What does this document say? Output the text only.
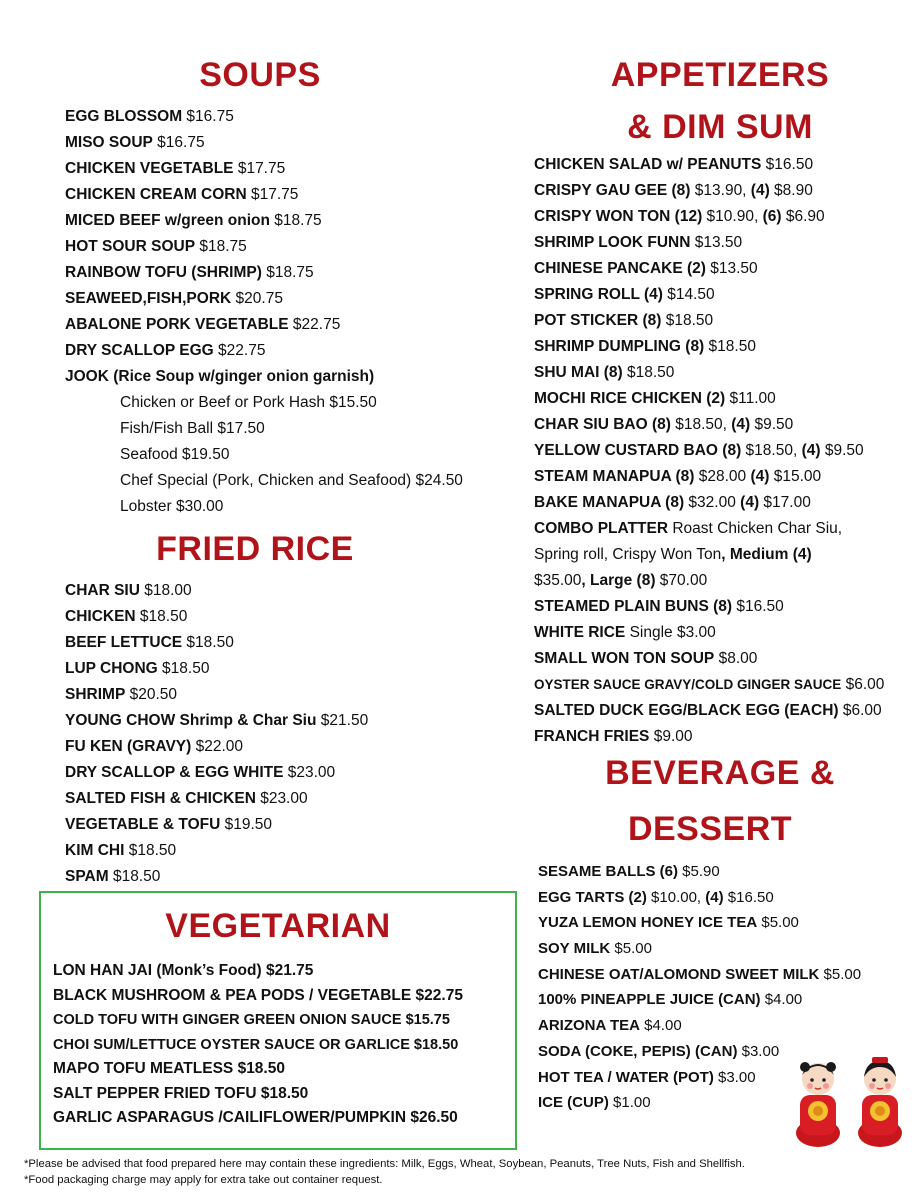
SOUPS
EGG BLOSSOM $16.75
MISO SOUP $16.75
CHICKEN VEGETABLE $17.75
CHICKEN CREAM CORN $17.75
MICED BEEF w/green onion $18.75
HOT SOUR SOUP $18.75
RAINBOW TOFU (SHRIMP) $18.75
SEAWEED,FISH,PORK $20.75
ABALONE PORK VEGETABLE $22.75
DRY SCALLOP EGG $22.75
JOOK (Rice Soup w/ginger onion garnish)
Chicken or Beef or Pork Hash $15.50
Fish/Fish Ball $17.50
Seafood $19.50
Chef Special (Pork, Chicken and Seafood) $24.50
Lobster $30.00
FRIED RICE
CHAR SIU $18.00
CHICKEN $18.50
BEEF LETTUCE $18.50
LUP CHONG $18.50
SHRIMP $20.50
YOUNG CHOW Shrimp & Char Siu $21.50
FU KEN (GRAVY) $22.00
DRY SCALLOP & EGG WHITE $23.00
SALTED FISH & CHICKEN $23.00
VEGETABLE & TOFU $19.50
KIM CHI $18.50
SPAM $18.50
VEGETARIAN
LON HAN JAI (Monk’s Food) $21.75
BLACK MUSHROOM & PEA PODS / VEGETABLE $22.75
COLD TOFU WITH GINGER GREEN ONION SAUCE $15.75
CHOI SUM/LETTUCE OYSTER SAUCE OR GARLICE $18.50
MAPO TOFU MEATLESS $18.50
SALT PEPPER FRIED TOFU $18.50
GARLIC ASPARAGUS /CAILIFLOWER/PUMPKIN $26.50
APPETIZERS
& DIM SUM
CHICKEN SALAD w/ PEANUTS $16.50
CRISPY GAU GEE (8) $13.90, (4) $8.90
CRISPY WON TON (12) $10.90, (6) $6.90
SHRIMP LOOK FUNN $13.50
CHINESE PANCAKE (2) $13.50
SPRING ROLL (4) $14.50
POT STICKER (8) $18.50
SHRIMP DUMPLING (8) $18.50
SHU MAI (8) $18.50
MOCHI RICE CHICKEN (2) $11.00
CHAR SIU BAO (8) $18.50, (4) $9.50
YELLOW CUSTARD BAO (8) $18.50, (4) $9.50
STEAM MANAPUA (8) $28.00 (4) $15.00
BAKE MANAPUA (8) $32.00 (4) $17.00
COMBO PLATTER Roast Chicken Char Siu,
Spring roll, Crispy Won Ton, Medium (4)
$35.00, Large (8) $70.00
STEAMED PLAIN BUNS (8) $16.50
WHITE RICE Single $3.00
SMALL WON TON SOUP $8.00
OYSTER SAUCE GRAVY/COLD GINGER SAUCE $6.00
SALTED DUCK EGG/BLACK EGG (EACH) $6.00
FRANCH FRIES $9.00
BEVERAGE &
DESSERT
SESAME BALLS (6) $5.90
EGG TARTS (2) $10.00, (4) $16.50
YUZA LEMON HONEY ICE TEA $5.00
SOY MILK $5.00
CHINESE OAT/ALOMOND SWEET MILK $5.00
100% PINEAPPLE JUICE (CAN) $4.00
ARIZONA TEA $4.00
SODA (COKE, PEPIS) (CAN) $3.00
HOT TEA / WATER (POT) $3.00
ICE (CUP) $1.00
*Please be advised that food prepared here may contain these ingredients: Milk, Eggs, Wheat, Soybean, Peanuts, Tree Nuts, Fish and Shellfish.
*Food packaging charge may apply for extra take out container request.
